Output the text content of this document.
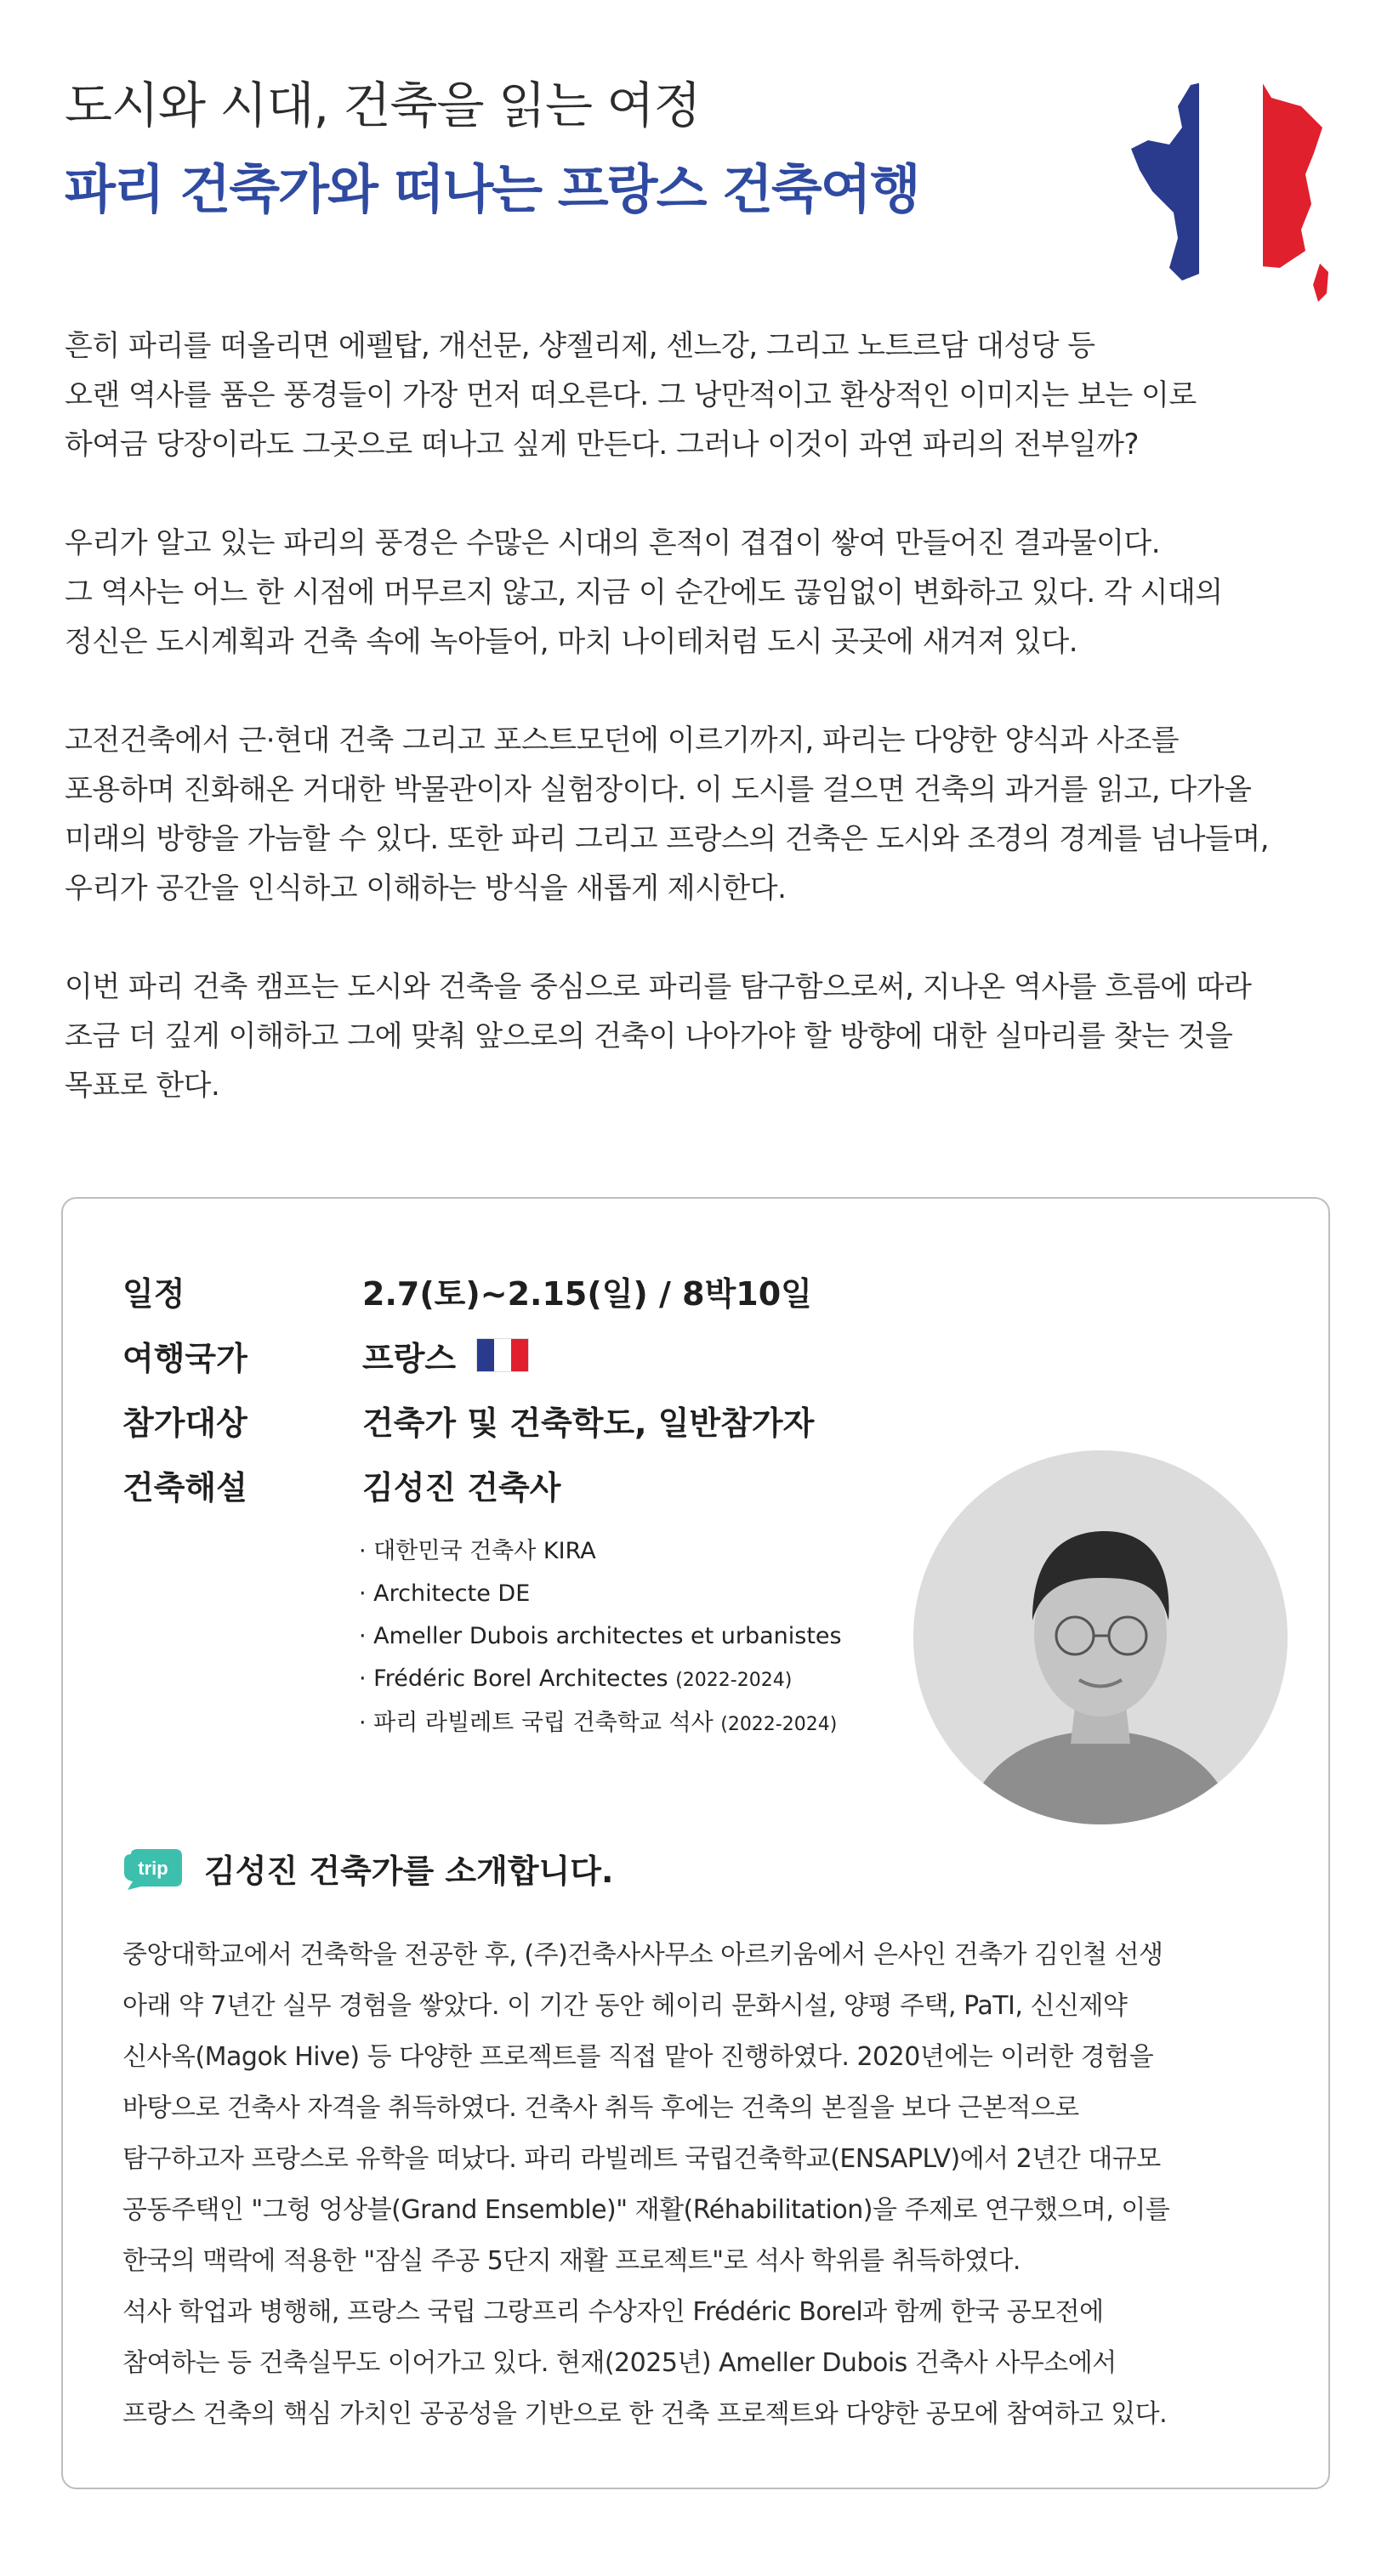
도시와 시대, 건축을 읽는 여정
파리 건축가와 떠나는 프랑스 건축여행

흔히 파리를 떠올리면 에펠탑, 개선문, 샹젤리제, 센느강, 그리고 노트르담 대성당 등
오랜 역사를 품은 풍경들이 가장 먼저 떠오른다. 그 낭만적이고 환상적인 이미지는 보는 이로
하여금 당장이라도 그곳으로 떠나고 싶게 만든다. 그러나 이것이 과연 파리의 전부일까?

우리가 알고 있는 파리의 풍경은 수많은 시대의 흔적이 겹겹이 쌓여 만들어진 결과물이다.
그 역사는 어느 한 시점에 머무르지 않고, 지금 이 순간에도 끊임없이 변화하고 있다. 각 시대의
정신은 도시계획과 건축 속에 녹아들어, 마치 나이테처럼 도시 곳곳에 새겨져 있다.

고전건축에서 근·현대 건축 그리고 포스트모던에 이르기까지, 파리는 다양한 양식과 사조를
포용하며 진화해온 거대한 박물관이자 실험장이다. 이 도시를 걸으면 건축의 과거를 읽고, 다가올
미래의 방향을 가늠할 수 있다. 또한 파리 그리고 프랑스의 건축은 도시와 조경의 경계를 넘나들며,
우리가 공간을 인식하고 이해하는 방식을 새롭게 제시한다.

이번 파리 건축 캠프는 도시와 건축을 중심으로 파리를 탐구함으로써, 지나온 역사를 흐름에 따라
조금 더 깊게 이해하고 그에 맞춰 앞으로의 건축이 나아가야 할 방향에 대한 실마리를 찾는 것을
목표로 한다.

일정	2.7(토)~2.15(일) / 8박10일
여행국가	프랑스
참가대상	건축가 및 건축학도, 일반참가자
건축해설	김성진 건축사
· 대한민국 건축사 KIRA
· Architecte DE
· Ameller Dubois architectes et urbanistes
· Frédéric Borel Architectes (2022-2024)
· 파리 라빌레트 국립 건축학교 석사 (2022-2024)
trip 김성진 건축가를 소개합니다.
중앙대학교에서 건축학을 전공한 후, (주)건축사사무소 아르키움에서 은사인 건축가 김인철 선생
아래 약 7년간 실무 경험을 쌓았다. 이 기간 동안 헤이리 문화시설, 양평 주택, PaTI, 신신제약
신사옥(Magok Hive) 등 다양한 프로젝트를 직접 맡아 진행하였다. 2020년에는 이러한 경험을
바탕으로 건축사 자격을 취득하였다. 건축사 취득 후에는 건축의 본질을 보다 근본적으로
탐구하고자 프랑스로 유학을 떠났다. 파리 라빌레트 국립건축학교(ENSAPLV)에서 2년간 대규모
공동주택인 "그헝 엉상블(Grand Ensemble)" 재활(Réhabilitation)을 주제로 연구했으며, 이를
한국의 맥락에 적용한 "잠실 주공 5단지 재활 프로젝트"로 석사 학위를 취득하였다.
석사 학업과 병행해, 프랑스 국립 그랑프리 수상자인 Frédéric Borel과 함께 한국 공모전에
참여하는 등 건축실무도 이어가고 있다. 현재(2025년) Ameller Dubois 건축사 사무소에서
프랑스 건축의 핵심 가치인 공공성을 기반으로 한 건축 프로젝트와 다양한 공모에 참여하고 있다.
